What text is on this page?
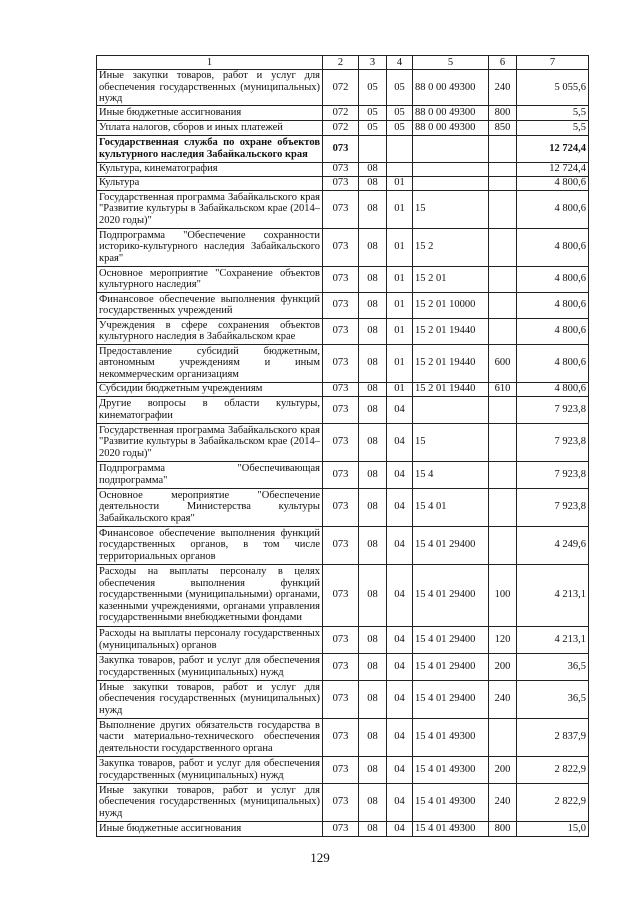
1	2	3	4	5	6	7
Иные закупки товаров, работ и услуг для обеспечения государственных (муниципальных) нужд	072	05	05	88 0 00 49300	240	5 055,6
Иные бюджетные ассигнования	072	05	05	88 0 00 49300	800	5,5
Уплата налогов, сборов и иных платежей	072	05	05	88 0 00 49300	850	5,5
Государственная служба по охране объектов культурного наследия Забайкальского края	073					12 724,4
Культура, кинематография	073	08				12 724,4
Культура	073	08	01			4 800,6
Государственная программа Забайкальского края "Развитие культуры в Забайкальском крае (2014–2020 годы)"	073	08	01	15		4 800,6
Подпрограмма "Обеспечение сохранности историко-культурного наследия Забайкальского края"	073	08	01	15 2		4 800,6
Основное мероприятие "Сохранение объектов культурного наследия"	073	08	01	15 2 01		4 800,6
Финансовое обеспечение выполнения функций государственных учреждений	073	08	01	15 2 01 10000		4 800,6
Учреждения в сфере сохранения объектов культурного наследия в Забайкальском крае	073	08	01	15 2 01 19440		4 800,6
Предоставление субсидий бюджетным, автономным учреждениям и иным некоммерческим организациям	073	08	01	15 2 01 19440	600	4 800,6
Субсидии бюджетным учреждениям	073	08	01	15 2 01 19440	610	4 800,6
Другие вопросы в области культуры, кинематографии	073	08	04			7 923,8
Государственная программа Забайкальского края "Развитие культуры в Забайкальском крае (2014–2020 годы)"	073	08	04	15		7 923,8
Подпрограмма "Обеспечивающая подпрограмма"	073	08	04	15 4		7 923,8
Основное мероприятие "Обеспечение деятельности Министерства культуры Забайкальского края"	073	08	04	15 4 01		7 923,8
Финансовое обеспечение выполнения функций государственных органов, в том числе территориальных органов	073	08	04	15 4 01 29400		4 249,6
Расходы на выплаты персоналу в целях обеспечения выполнения функций государственными (муниципальными) органами, казенными учреждениями, органами управления государственными внебюджетными фондами	073	08	04	15 4 01 29400	100	4 213,1
Расходы на выплаты персоналу государственных (муниципальных) органов	073	08	04	15 4 01 29400	120	4 213,1
Закупка товаров, работ и услуг для обеспечения государственных (муниципальных) нужд	073	08	04	15 4 01 29400	200	36,5
Иные закупки товаров, работ и услуг для обеспечения государственных (муниципальных) нужд	073	08	04	15 4 01 29400	240	36,5
Выполнение других обязательств государства в части материально-технического обеспечения деятельности государственного органа	073	08	04	15 4 01 49300		2 837,9
Закупка товаров, работ и услуг для обеспечения государственных (муниципальных) нужд	073	08	04	15 4 01 49300	200	2 822,9
Иные закупки товаров, работ и услуг для обеспечения государственных (муниципальных) нужд	073	08	04	15 4 01 49300	240	2 822,9
Иные бюджетные ассигнования	073	08	04	15 4 01 49300	800	15,0
129
